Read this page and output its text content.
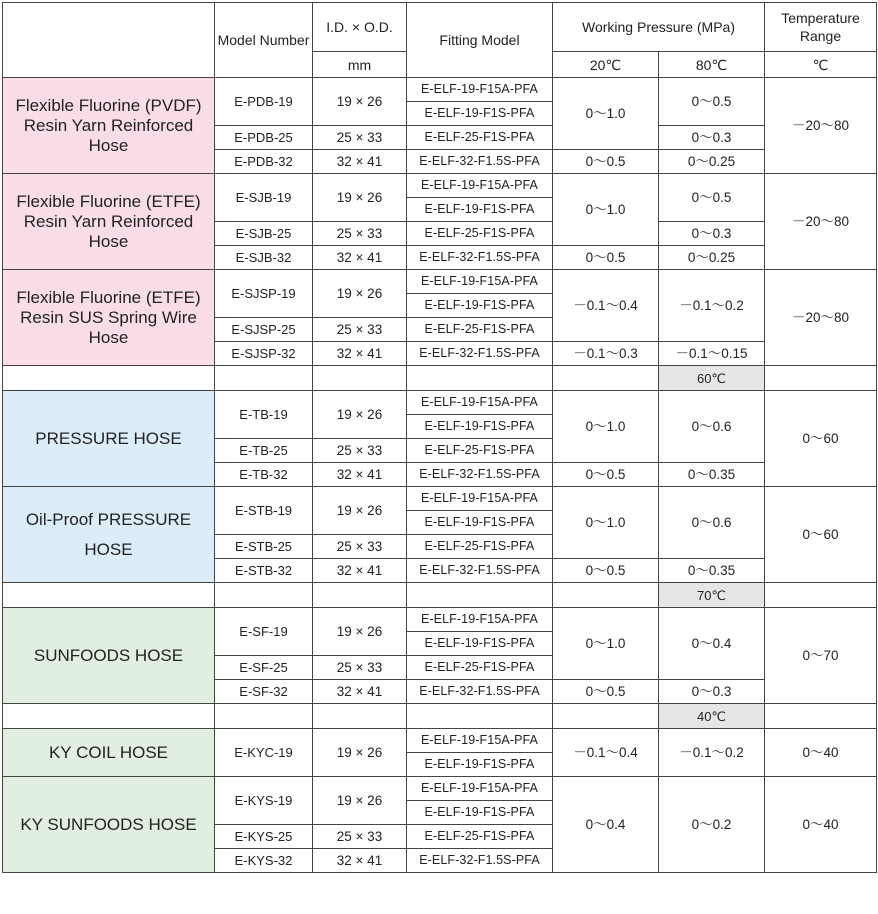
	Model Number	I.D. × O.D.	Fitting Model	Working Pressure (MPa)		Temperature Range
		mm		20℃	80℃	℃
Flexible Fluorine (PVDF) Resin Yarn Reinforced Hose	E-PDB-19	19 × 26	E-ELF-19-F15A-PFA	0～1.0	0～0.5	－20～80
			E-ELF-19-F1S-PFA			
	E-PDB-25	25 × 33	E-ELF-25-F1S-PFA		0～0.3	
	E-PDB-32	32 × 41	E-ELF-32-F1.5S-PFA	0～0.5	0～0.25	
Flexible Fluorine (ETFE) Resin Yarn Reinforced Hose	E-SJB-19	19 × 26	E-ELF-19-F15A-PFA	0～1.0	0～0.5	－20～80
			E-ELF-19-F1S-PFA			
	E-SJB-25	25 × 33	E-ELF-25-F1S-PFA		0～0.3	
	E-SJB-32	32 × 41	E-ELF-32-F1.5S-PFA	0～0.5	0～0.25	
Flexible Fluorine (ETFE) Resin SUS Spring Wire Hose	E-SJSP-19	19 × 26	E-ELF-19-F15A-PFA	－0.1～0.4	－0.1～0.2	－20～80
			E-ELF-19-F1S-PFA			
	E-SJSP-25	25 × 33	E-ELF-25-F1S-PFA			
	E-SJSP-32	32 × 41	E-ELF-32-F1.5S-PFA	－0.1～0.3	－0.1～0.15	
					60℃	
PRESSURE HOSE	E-TB-19	19 × 26	E-ELF-19-F15A-PFA	0～1.0	0～0.6	0～60
			E-ELF-19-F1S-PFA			
	E-TB-25	25 × 33	E-ELF-25-F1S-PFA			
	E-TB-32	32 × 41	E-ELF-32-F1.5S-PFA	0～0.5	0～0.35	
Oil-Proof PRESSURE HOSE	E-STB-19	19 × 26	E-ELF-19-F15A-PFA	0～1.0	0～0.6	0～60
			E-ELF-19-F1S-PFA			
	E-STB-25	25 × 33	E-ELF-25-F1S-PFA			
	E-STB-32	32 × 41	E-ELF-32-F1.5S-PFA	0～0.5	0～0.35	
					70℃	
SUNFOODS HOSE	E-SF-19	19 × 26	E-ELF-19-F15A-PFA	0～1.0	0～0.4	0～70
			E-ELF-19-F1S-PFA			
	E-SF-25	25 × 33	E-ELF-25-F1S-PFA			
	E-SF-32	32 × 41	E-ELF-32-F1.5S-PFA	0～0.5	0～0.3	
					40℃	
KY COIL HOSE	E-KYC-19	19 × 26	E-ELF-19-F15A-PFA	－0.1～0.4	－0.1～0.2	0～40
			E-ELF-19-F1S-PFA			
KY SUNFOODS HOSE	E-KYS-19	19 × 26	E-ELF-19-F15A-PFA	0～0.4	0～0.2	0～40
			E-ELF-19-F1S-PFA			
	E-KYS-25	25 × 33	E-ELF-25-F1S-PFA			
	E-KYS-32	32 × 41	E-ELF-32-F1.5S-PFA			
